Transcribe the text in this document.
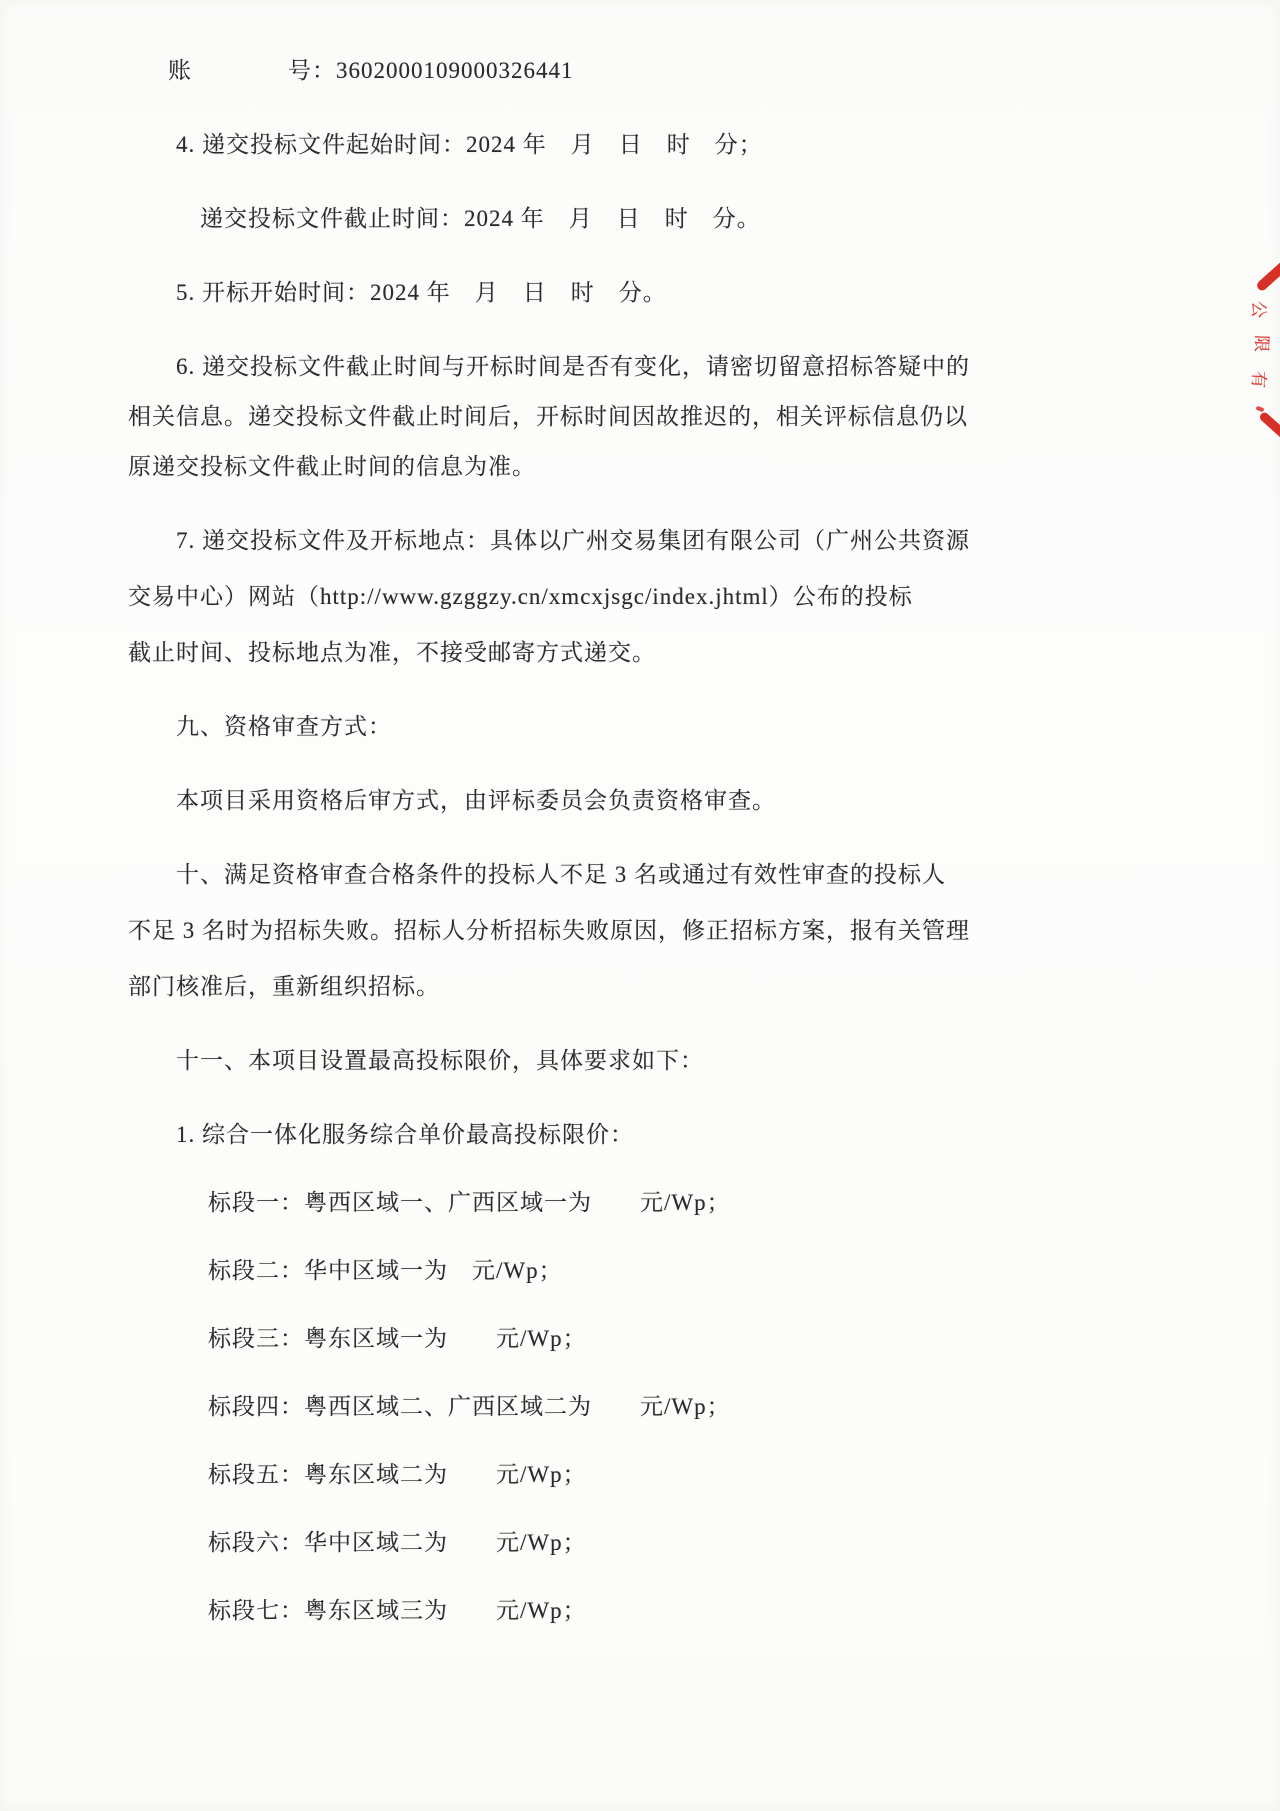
账　　　　号：3602000109000326441
4. 递交投标文件起始时间：2024 年　月　日　时　分；
递交投标文件截止时间：2024 年　月　日　时　分。
5. 开标开始时间：2024 年　月　日　时　分。
6. 递交投标文件截止时间与开标时间是否有变化，请密切留意招标答疑中的
相关信息。递交投标文件截止时间后，开标时间因故推迟的，相关评标信息仍以
原递交投标文件截止时间的信息为准。
7. 递交投标文件及开标地点：具体以广州交易集团有限公司（广州公共资源
交易中心）网站（http://www.gzggzy.cn/xmcxjsgc/index.jhtml）公布的投标
截止时间、投标地点为准，不接受邮寄方式递交。
九、资格审查方式：
本项目采用资格后审方式，由评标委员会负责资格审查。
十、满足资格审查合格条件的投标人不足 3 名或通过有效性审查的投标人
不足 3 名时为招标失败。招标人分析招标失败原因，修正招标方案，报有关管理
部门核准后，重新组织招标。
十一、本项目设置最高投标限价，具体要求如下：
1. 综合一体化服务综合单价最高投标限价：
标段一：粤西区域一、广西区域一为　　元/Wp；
标段二：华中区域一为　元/Wp；
标段三：粤东区域一为　　元/Wp；
标段四：粤西区域二、广西区域二为　　元/Wp；
标段五：粤东区域二为　　元/Wp；
标段六：华中区域二为　　元/Wp；
标段七：粤东区域三为　　元/Wp；
公
限
有
